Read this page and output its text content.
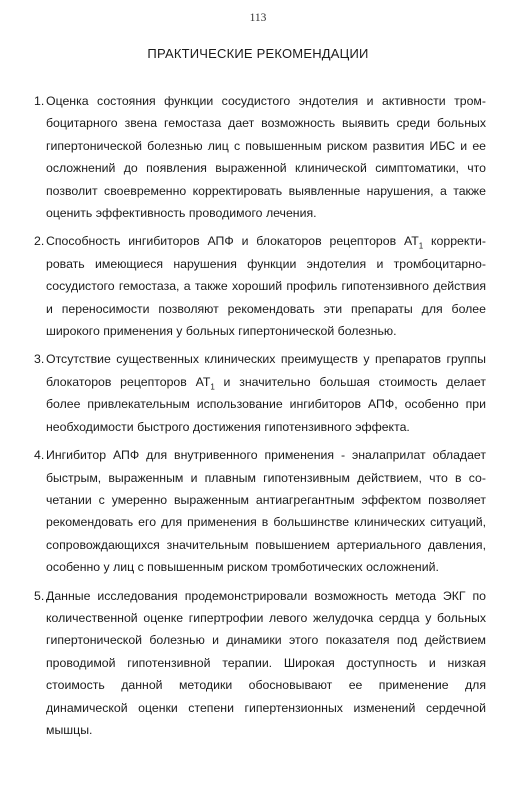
113
ПРАКТИЧЕСКИЕ РЕКОМЕНДАЦИИ
1. Оценка состояния функции сосудистого эндотелия и активности тромбоцитарного звена гемостаза дает возможность выявить среди больных гипертонической болезнью лиц с повышенным риском развития ИБС и ее осложнений до появления выраженной клинической симптоматики, что позволит своевременно корректировать выявленные нарушения, а также оценить эффективность проводимого лечения.
2. Способность ингибиторов АПФ и блокаторов рецепторов $АТ_1$ корректировать имеющиеся нарушения функции эндотелия и тромбоцитарно-сосудистого гемостаза, а также хороший профиль гипотензивного действия и переносимости позволяют рекомендовать эти препараты для более широкого применения у больных гипертонической болезнью.
3. Отсутствие существенных клинических преимуществ у препаратов группы блокаторов рецепторов $АТ_1$ и значительно большая стоимость делает более привлекательным использование ингибиторов АПФ, особенно при необходимости быстрого достижения гипотензивного эффекта.
4. Ингибитор АПФ для внутривенного применения - эналаприлат обладает быстрым, выраженным и плавным гипотензивным действием, что в сочетании с умеренно выраженным антиагрегантным эффектом позволяет рекомендовать его для применения в большинстве клинических ситуаций, сопровождающихся значительным повышением артериального давления, особенно у лиц с повышенным риском тромботических осложнений.
5. Данные исследования продемонстрировали возможность метода ЭКГ по количественной оценке гипертрофии левого желудочка сердца у больных гипертонической болезнью и динамики этого показателя под действием проводимой гипотензивной терапии. Широкая доступность и низкая стоимость данной методики обосновывают ее применение для динамической оценки степени гипертензионных изменений сердечной мышцы.
